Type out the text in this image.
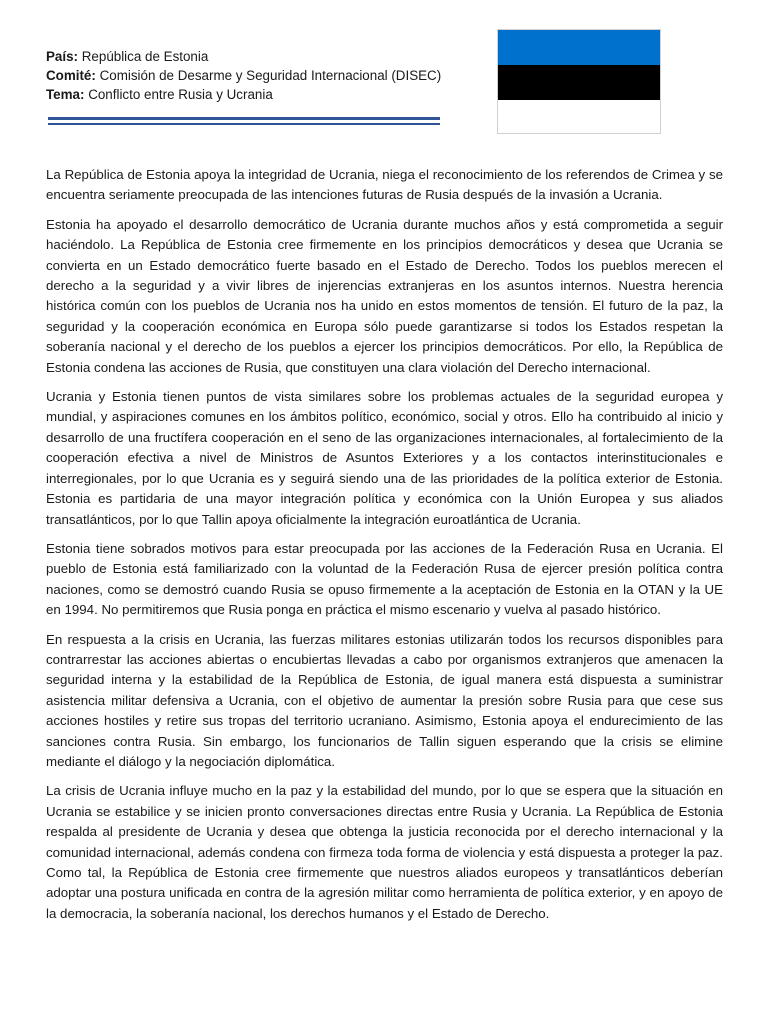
País: República de Estonia
Comité: Comisión de Desarme y Seguridad Internacional (DISEC)
Tema: Conflicto entre Rusia y Ucrania

La República de Estonia apoya la integridad de Ucrania, niega el reconocimiento de los referendos de Crimea y se encuentra seriamente preocupada de las intenciones futuras de Rusia después de la invasión a Ucrania.

Estonia ha apoyado el desarrollo democrático de Ucrania durante muchos años y está comprometida a seguir haciéndolo. La República de Estonia cree firmemente en los principios democráticos y desea que Ucrania se convierta en un Estado democrático fuerte basado en el Estado de Derecho. Todos los pueblos merecen el derecho a la seguridad y a vivir libres de injerencias extranjeras en los asuntos internos. Nuestra herencia histórica común con los pueblos de Ucrania nos ha unido en estos momentos de tensión. El futuro de la paz, la seguridad y la cooperación económica en Europa sólo puede garantizarse si todos los Estados respetan la soberanía nacional y el derecho de los pueblos a ejercer los principios democráticos. Por ello, la República de Estonia condena las acciones de Rusia, que constituyen una clara violación del Derecho internacional.

Ucrania y Estonia tienen puntos de vista similares sobre los problemas actuales de la seguridad europea y mundial, y aspiraciones comunes en los ámbitos político, económico, social y otros. Ello ha contribuido al inicio y desarrollo de una fructífera cooperación en el seno de las organizaciones internacionales, al fortalecimiento de la cooperación efectiva a nivel de Ministros de Asuntos Exteriores y a los contactos interinstitucionales e interregionales, por lo que Ucrania es y seguirá siendo una de las prioridades de la política exterior de Estonia. Estonia es partidaria de una mayor integración política y económica con la Unión Europea y sus aliados transatlánticos, por lo que Tallin apoya oficialmente la integración euroatlántica de Ucrania.

Estonia tiene sobrados motivos para estar preocupada por las acciones de la Federación Rusa en Ucrania. El pueblo de Estonia está familiarizado con la voluntad de la Federación Rusa de ejercer presión política contra naciones, como se demostró cuando Rusia se opuso firmemente a la aceptación de Estonia en la OTAN y la UE en 1994. No permitiremos que Rusia ponga en práctica el mismo escenario y vuelva al pasado histórico.

En respuesta a la crisis en Ucrania, las fuerzas militares estonias utilizarán todos los recursos disponibles para contrarrestar las acciones abiertas o encubiertas llevadas a cabo por organismos extranjeros que amenacen la seguridad interna y la estabilidad de la República de Estonia, de igual manera está dispuesta a suministrar asistencia militar defensiva a Ucrania, con el objetivo de aumentar la presión sobre Rusia para que cese sus acciones hostiles y retire sus tropas del territorio ucraniano. Asimismo, Estonia apoya el endurecimiento de las sanciones contra Rusia. Sin embargo, los funcionarios de Tallin siguen esperando que la crisis se elimine mediante el diálogo y la negociación diplomática.

La crisis de Ucrania influye mucho en la paz y la estabilidad del mundo, por lo que se espera que la situación en Ucrania se estabilice y se inicien pronto conversaciones directas entre Rusia y Ucrania. La República de Estonia respalda al presidente de Ucrania y desea que obtenga la justicia reconocida por el derecho internacional y la comunidad internacional, además condena con firmeza toda forma de violencia y está dispuesta a proteger la paz. Como tal, la República de Estonia cree firmemente que nuestros aliados europeos y transatlánticos deberían adoptar una postura unificada en contra de la agresión militar como herramienta de política exterior, y en apoyo de la democracia, la soberanía nacional, los derechos humanos y el Estado de Derecho.
